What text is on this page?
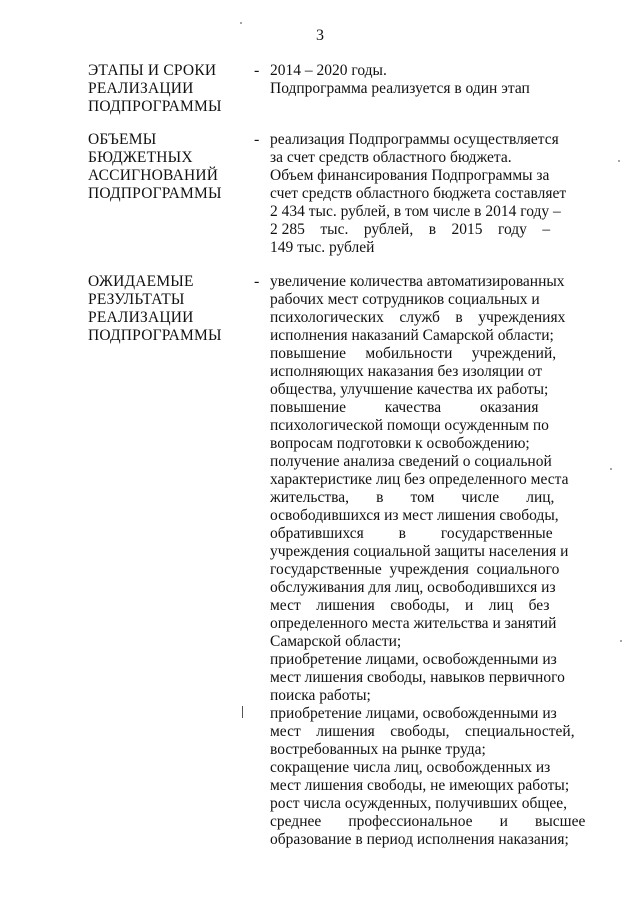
3
ЭТАПЫ И СРОКИ
РЕАЛИЗАЦИИ
ПОДПРОГРАММЫ
- 2014 – 2020 годы.
Подпрограмма реализуется в один этап
ОБЪЕМЫ
БЮДЖЕТНЫХ
АССИГНОВАНИЙ
ПОДПРОГРАММЫ
- реализация Подпрограммы осуществляется
за счет средств областного бюджета.
Объем финансирования Подпрограммы за
счет средств областного бюджета составляет
2 434 тыс. рублей, в том числе в 2014 году –
2 285    тыс.    рублей,    в    2015    году    –
149 тыс. рублей
ОЖИДАЕМЫЕ
РЕЗУЛЬТАТЫ
РЕАЛИЗАЦИИ
ПОДПРОГРАММЫ
- увеличение количества автоматизированных
рабочих мест сотрудников социальных и
психологических    служб    в    учреждениях
исполнения наказаний Самарской области;
повышение     мобильности     учреждений,
исполняющих наказания без изоляции от
общества, улучшение качества их работы;
повышение          качества          оказания
психологической помощи осужденным по
вопросам подготовки к освобождению;
получение анализа сведений о социальной
характеристике лиц без определенного места
жительства,       в       том       числе       лиц,
освободившихся из мест лишения свободы,
обратившихся         в         государственные
учреждения социальной защиты населения и
государственные  учреждения  социального
обслуживания для лиц, освободившихся из
мест    лишения    свободы,    и    лиц    без
определенного места жительства и занятий
Самарской области;
приобретение лицами, освобожденными из
мест лишения свободы, навыков первичного
поиска работы;
приобретение лицами, освобожденными из
мест    лишения    свободы,    специальностей,
востребованных на рынке труда;
сокращение числа лиц, освобожденных из
мест лишения свободы, не имеющих работы;
рост числа осужденных, получивших общее,
среднее       профессиональное       и       высшее
образование в период исполнения наказания;
